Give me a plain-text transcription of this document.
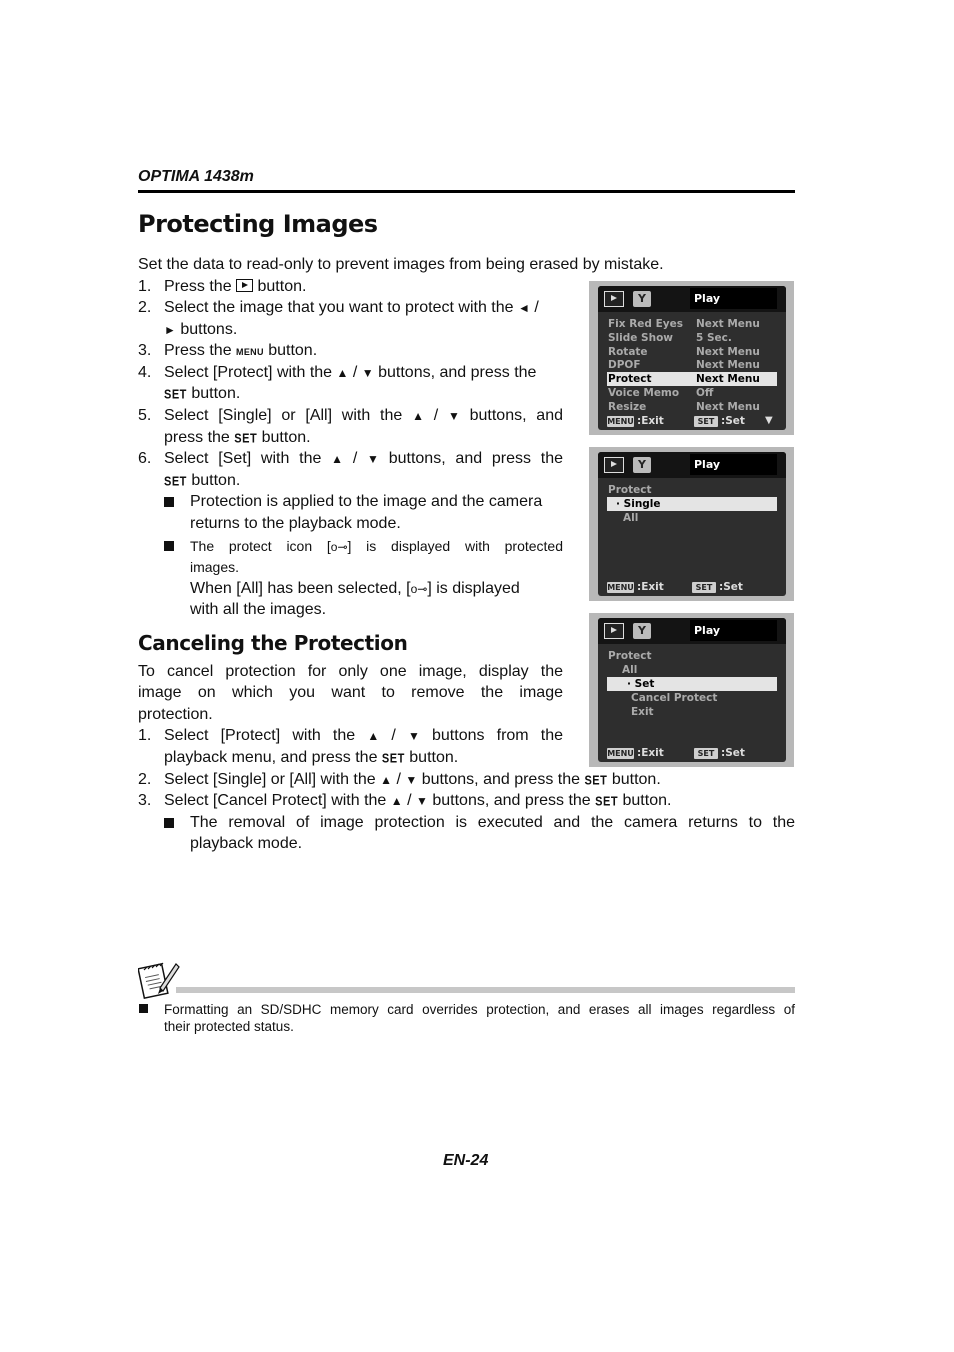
OPTIMA 1438m
Protecting Images
Set the data to read-only to prevent images from being erased by mistake.
1. Press the button.
2. Select the image that you want to protect with the ◄ /
► buttons.
3. Press the MENU button.
4. Select [Protect] with the ▲ / ▼ buttons, and press the
SET button.
5. Select [Single] or [All] with the ▲ / ▼ buttons, and
press the SET button.
6. Select [Set] with the ▲ / ▼ buttons, and press the
SET button.
Protection is applied to the image and the camera
returns to the playback mode.
The protect icon [o⊸] is displayed with protected
images.
When [All] has been selected, [o⊸] is displayed
with all the images.
Canceling the Protection
To cancel protection for only one image, display the
image on which you want to remove the image
protection.
1. Select [Protect] with the ▲ / ▼ buttons from the
playback menu, and press the SET button.
2. Select [Single] or [All] with the ▲ / ▼ buttons, and press the SET button.
3. Select [Cancel Protect] with the ▲ / ▼ buttons, and press the SET button.
The removal of image protection is executed and the camera returns to the
playback mode.
Y	Play
Fix Red Eyes Next Menu
Slide Show 5 Sec.
Rotate	Next Menu
DPOF	Next Menu
Protect	Next Menu
Voice Memo Off
Resize	Next Menu
MENU :Exit	SET :Set ▼
Y	Play
Protect
· Single
All
MENU :Exit	SET :Set
Y	Play
Protect
All
· Set
Cancel Protect
Exit
MENU :Exit	SET :Set
Formatting an SD/SDHC memory card overrides protection, and erases all images regardless of
their protected status.
EN-24
